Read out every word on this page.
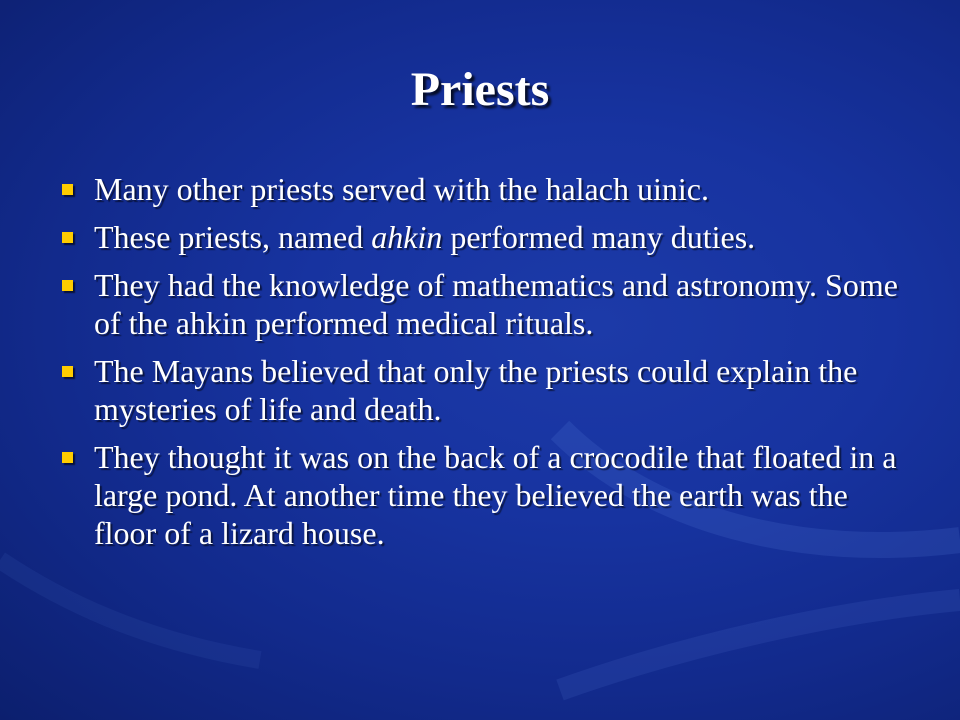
Priests
Many other priests served with the halach uinic.
These priests, named ahkin performed many duties.
They had the knowledge of mathematics and astronomy. Some of the ahkin performed medical rituals.
The Mayans believed that only the priests could explain the mysteries of life and death.
They thought it was on the back of a crocodile that floated in a large pond. At another time they believed the earth was the floor of a lizard house.
